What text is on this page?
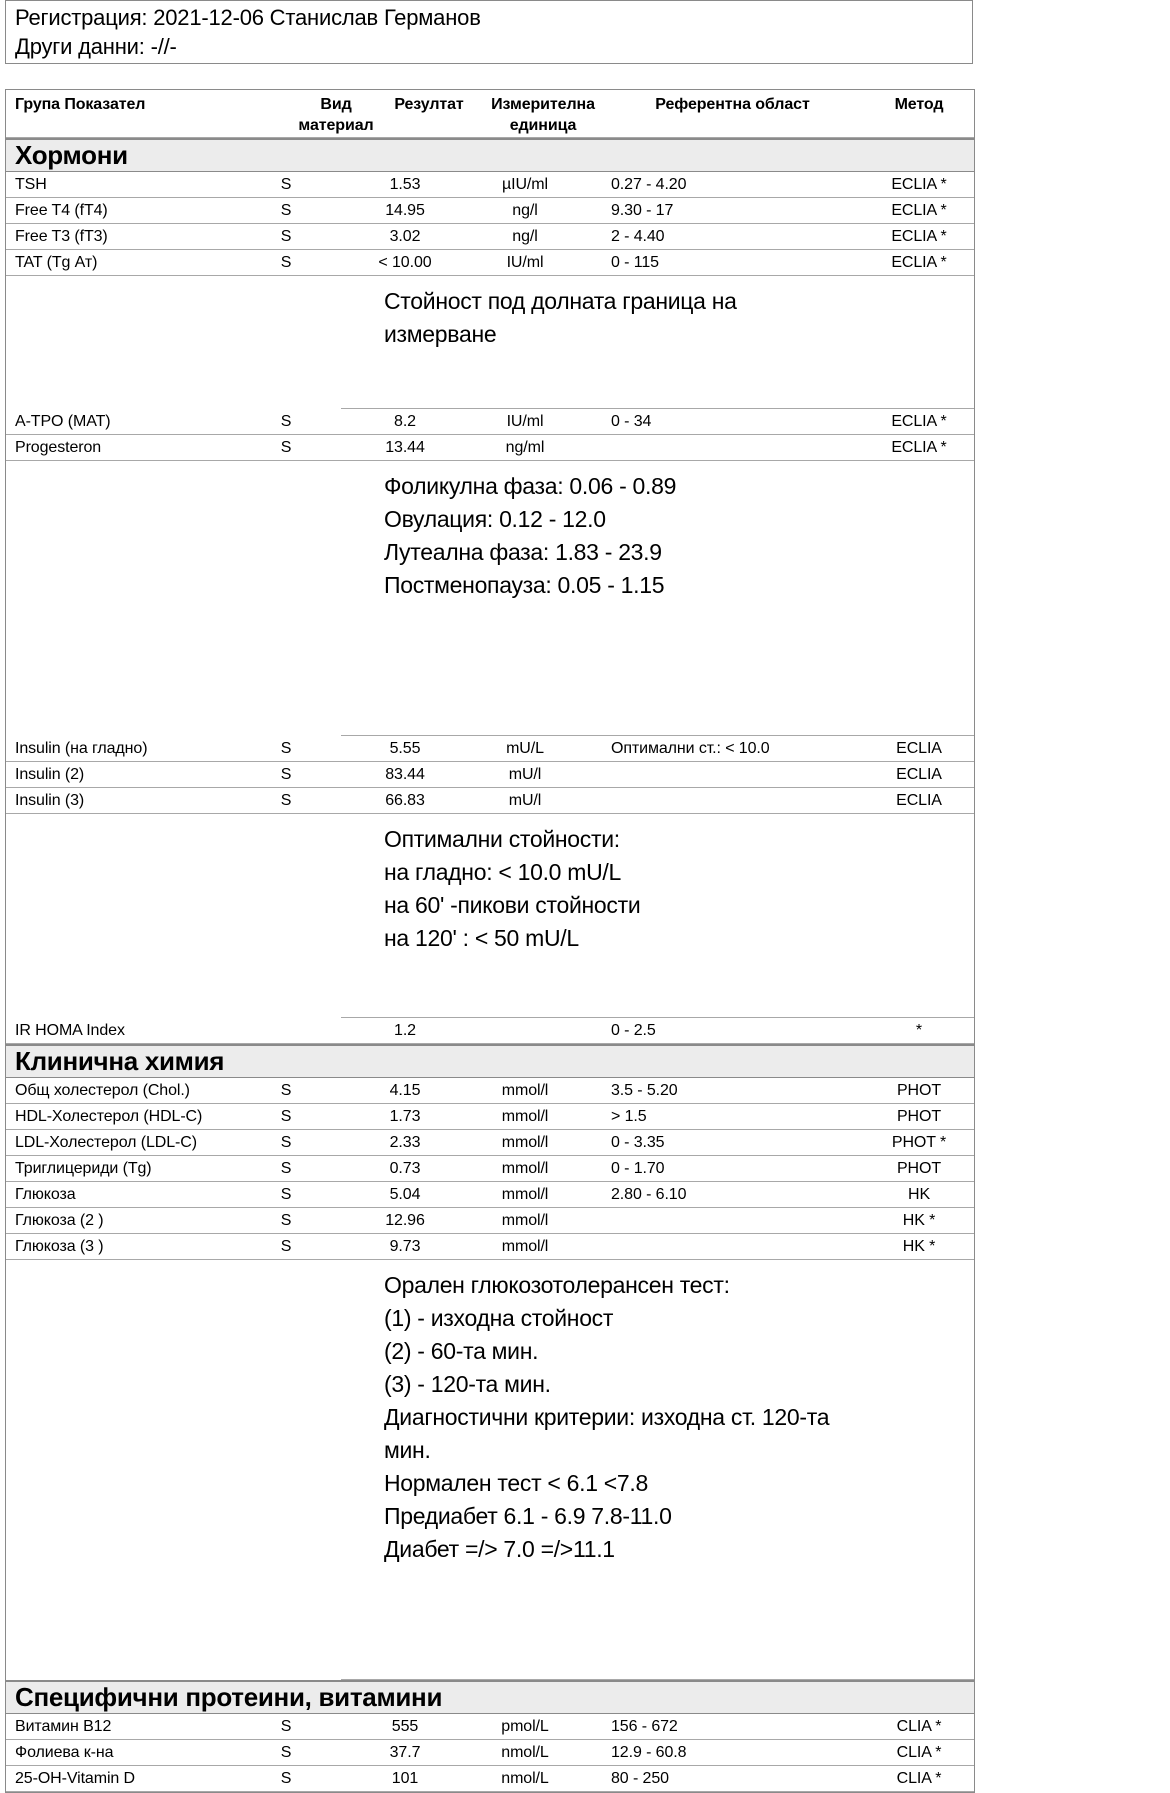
Регистрация: 2021-12-06 Станислав Германов
Други данни: -//-
Група Показател	Вид материал	Резултат	Измерителна единица	Референтна област	Метод
Хормони					
TSH	S	1.53	µIU/ml	0.27 - 4.20	ECLIA *
Free T4 (fT4)	S	14.95	ng/l	9.30 - 17	ECLIA *
Free T3 (fT3)	S	3.02	ng/l	2 - 4.40	ECLIA *
TAT (Tg Ат)	S	< 10.00	IU/ml	0 - 115	ECLIA *

		Стойност под долната граница на
измерване			

A-TPO (MAT)	S	8.2	IU/ml	0 - 34	ECLIA *
Progesteron	S	13.44	ng/ml		ECLIA *

		Фоликулна фаза: 0.06 - 0.89
Овулация: 0.12 - 12.0
Лутеална фаза: 1.83 - 23.9
Постменопауза: 0.05 - 1.15			

Insulin (на гладно)	S	5.55	mU/L	Оптимални ст.: < 10.0	ECLIA
Insulin (2)	S	83.44	mU/l		ECLIA
Insulin (3)	S	66.83	mU/l		ECLIA

		Оптимални стойности:
на гладно: < 10.0 mU/L
на 60' -пикови стойности
на 120' : < 50 mU/L			

IR HOMA Index		1.2		0 - 2.5	*
Клинична химия					
Общ холестерол (Chol.)	S	4.15	mmol/l	3.5 - 5.20	PHOT
HDL-Холестерол (HDL-C)	S	1.73	mmol/l	> 1.5	PHOT
LDL-Холестерол (LDL-C)	S	2.33	mmol/l	0 - 3.35	PHOT *
Триглицериди (Tg)	S	0.73	mmol/l	0 - 1.70	PHOT
Глюкоза	S	5.04	mmol/l	2.80 - 6.10	HK
Глюкоза (2 )	S	12.96	mmol/l		HK *
Глюкоза (3 )	S	9.73	mmol/l		HK *

Орален глюкозотолерансен тест:
(1) - изходна стойност
(2) - 60-та мин.
(3) - 120-та мин.
Диагностични критерии: изходна ст. 120-та
мин.
Нормален тест < 6.1 <7.8
Предиабет 6.1 - 6.9 7.8-11.0
Диабет =/> 7.0 =/>11.1

Специфични протеини, витамини					
Витамин B12	S	555	pmol/L	156 - 672	CLIA *
Фолиева к-на	S	37.7	nmol/L	12.9 - 60.8	CLIA *
25-OH-Vitamin D	S	101	nmol/L	80 - 250	CLIA *
